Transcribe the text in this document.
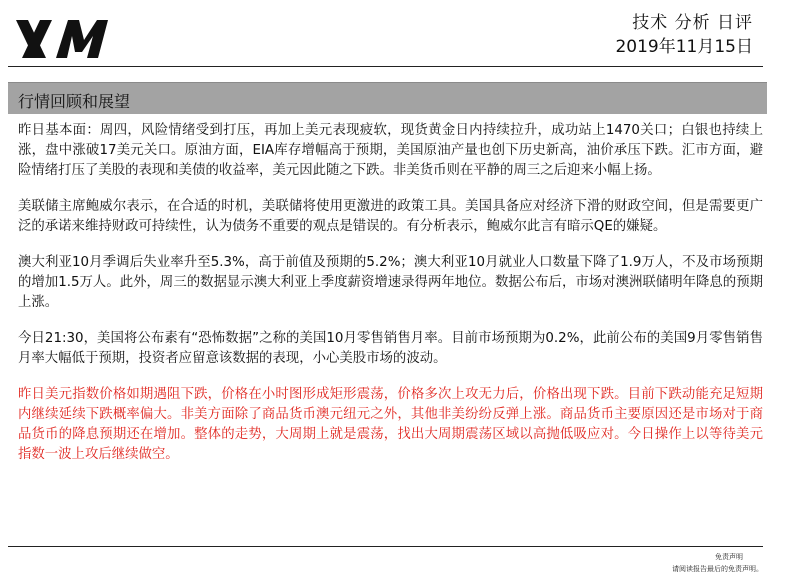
技术 分析 日评
2019年11月15日
行情回顾和展望

昨日基本面：周四，风险情绪受到打压，再加上美元表现疲软，现货黄金日内持续拉升，成功站上1470关口；白银也持续上涨，盘中涨破17美元关口。原油方面，EIA库存增幅高于预期，美国原油产量也创下历史新高，油价承压下跌。汇市方面，避险情绪打压了美股的表现和美债的收益率，美元因此随之下跌。非美货币则在平静的周三之后迎来小幅上扬。

美联储主席鲍威尔表示，在合适的时机，美联储将使用更激进的政策工具。美国具备应对经济下滑的财政空间，但是需要更广泛的承诺来维持财政可持续性，认为债务不重要的观点是错误的。有分析表示，鲍威尔此言有暗示QE的嫌疑。

澳大利亚10月季调后失业率升至5.3%，高于前值及预期的5.2%；澳大利亚10月就业人口数量下降了1.9万人，不及市场预期的增加1.5万人。此外，周三的数据显示澳大利亚上季度薪资增速录得两年地位。数据公布后，市场对澳洲联储明年降息的预期上涨。

今日21:30，美国将公布素有“恐怖数据”之称的美国10月零售销售月率。目前市场预期为0.2%，此前公布的美国9月零售销售月率大幅低于预期，投资者应留意该数据的表现，小心美股市场的波动。

昨日美元指数价格如期遇阻下跌，价格在小时图形成矩形震荡，价格多次上攻无力后，价格出现下跌。目前下跌动能充足短期内继续延续下跌概率偏大。非美方面除了商品货币澳元纽元之外，其他非美纷纷反弹上涨。商品货币主要原因还是市场对于商品货币的降息预期还在增加。整体的走势，大周期上就是震荡，找出大周期震荡区域以高抛低吸应对。今日操作上以等待美元指数一波上攻后继续做空。

免责声明
请阅读报告最后的免责声明。
